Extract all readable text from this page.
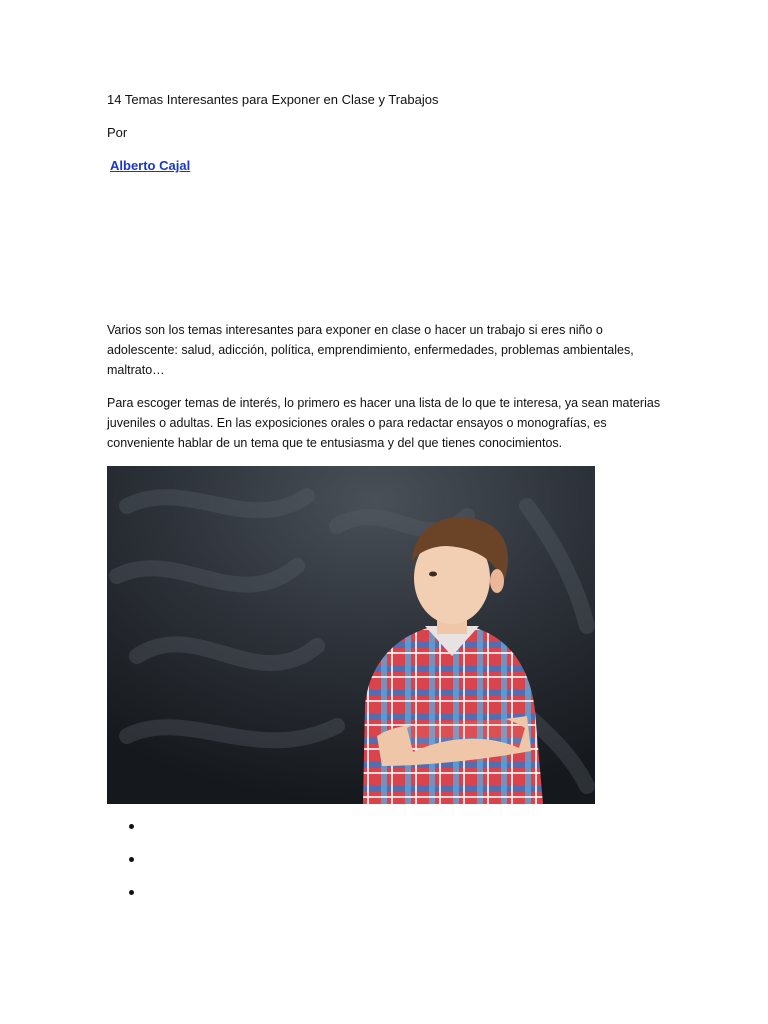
14 Temas Interesantes para Exponer en Clase y Trabajos

Por

Alberto Cajal

Varios son los temas interesantes para exponer en clase o hacer un trabajo si eres niño o adolescente: salud, adicción, política, emprendimiento, enfermedades, problemas ambientales, maltrato…

Para escoger temas de interés, lo primero es hacer una lista de lo que te interesa, ya sean materias juveniles o adultas. En las exposiciones orales o para redactar ensayos o monografías, es conveniente hablar de un tema que te entusiasma y del que tienes conocimientos.
